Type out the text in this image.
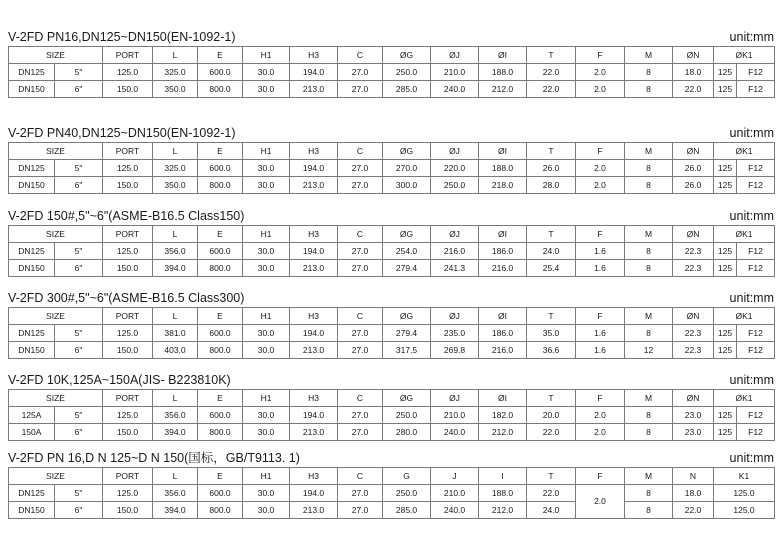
V-2FD PN16,DN125~DN150(EN-1092-1)	unit:mm
SIZE		PORT	L	E	H1	H3	C	ØG	ØJ	ØI	T	F	M	ØN	ØK1	
DN125	5"	125.0	325.0	600.0	30.0	194.0	27.0	250.0	210.0	188.0	22.0	2.0	8	18.0	125	F12	
DN150	6"	150.0	350.0	800.0	30.0	213.0	27.0	285.0	240.0	212.0	22.0	2.0	8	22.0	125	F12	
V-2FD PN40,DN125~DN150(EN-1092-1)	unit:mm
SIZE		PORT	L	E	H1	H3	C	ØG	ØJ	ØI	T	F	M	ØN	ØK1	
DN125	5"	125.0	325.0	600.0	30.0	194.0	27.0	270.0	220.0	188.0	26.0	2.0	8	26.0	125	F12	
DN150	6"	150.0	350.0	800.0	30.0	213.0	27.0	300.0	250.0	218.0	28.0	2.0	8	26.0	125	F12	
V-2FD 150#,5"~6"(ASME-B16.5 Class150)	unit:mm
SIZE		PORT	L	E	H1	H3	C	ØG	ØJ	ØI	T	F	M	ØN	ØK1	
DN125	5"	125.0	356.0	600.0	30.0	194.0	27.0	254.0	216.0	186.0	24.0	1.6	8	22.3	125	F12	
DN150	6"	150.0	394.0	800.0	30.0	213.0	27.0	279.4	241.3	216.0	25.4	1.6	8	22.3	125	F12	
V-2FD 300#,5"~6"(ASME-B16.5 Class300)	unit:mm
SIZE		PORT	L	E	H1	H3	C	ØG	ØJ	ØI	T	F	M	ØN	ØK1	
DN125	5"	125.0	381.0	600.0	30.0	194.0	27.0	279.4	235.0	186.0	35.0	1.6	8	22.3	125	F12	
DN150	6"	150.0	403.0	800.0	30.0	213.0	27.0	317.5	269.8	216.0	36.6	1.6	12	22.3	125	F12	
V-2FD 10K,125A~150A(JIS- B223810K)	unit:mm
SIZE		PORT	L	E	H1	H3	C	ØG	ØJ	ØI	T	F	M	ØN	ØK1	
125A	5"	125.0	356.0	600.0	30.0	194.0	27.0	250.0	210.0	182.0	20.0	2.0	8	23.0	125	F12	
150A	6"	150.0	394.0	800.0	30.0	213.0	27.0	280.0	240.0	212.0	22.0	2.0	8	23.0	125	F12	
V-2FD PN 16,D N 125~D N 150(国标，GB/T9113. 1)	unit:mm
SIZE		PORT	L	E	H1	H3	C	G	J	I	T	F	M	N	K1	
DN125	5"	125.0	356.0	600.0	30.0	194.0	27.0	250.0	210.0	188.0	22.0	2.0	8	18.0	125.0	
DN150	6"	150.0	394.0	800.0	30.0	213.0	27.0	285.0	240.0	212.0	24.0		8	22.0	125.0	
